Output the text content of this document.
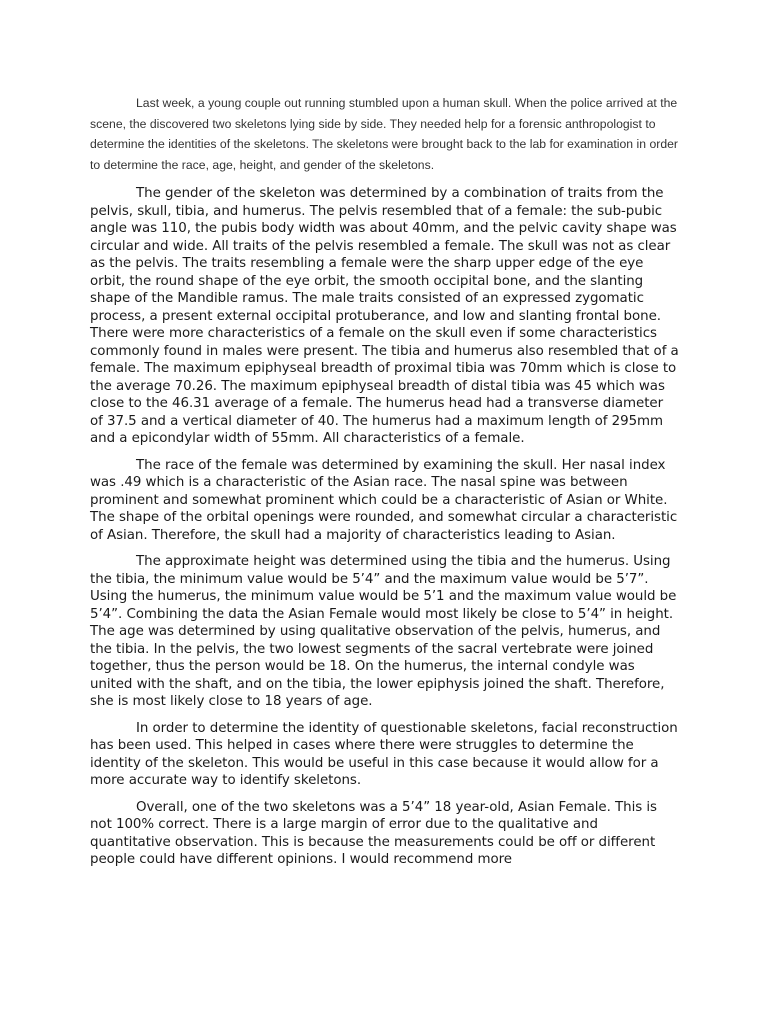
Last week, a young couple out running stumbled upon a human skull. When the police arrived at the scene, the discovered two skeletons lying side by side. They needed help for a forensic anthropologist to determine the identities of the skeletons. The skeletons were brought back to the lab for examination in order to determine the race, age, height, and gender of the skeletons.

The gender of the skeleton was determined by a combination of traits from the pelvis, skull, tibia, and humerus. The pelvis resembled that of a female: the sub-pubic angle was 110, the pubis body width was about 40mm, and the pelvic cavity shape was circular and wide. All traits of the pelvis resembled a female. The skull was not as clear as the pelvis. The traits resembling a female were the sharp upper edge of the eye orbit, the round shape of the eye orbit, the smooth occipital bone, and the slanting shape of the Mandible ramus. The male traits consisted of an expressed zygomatic process, a present external occipital protuberance, and low and slanting frontal bone. There were more characteristics of a female on the skull even if some characteristics commonly found in males were present. The tibia and humerus also resembled that of a female. The maximum epiphyseal breadth of proximal tibia was 70mm which is close to the average 70.26. The maximum epiphyseal breadth of distal tibia was 45 which was close to the 46.31 average of a female. The humerus head had a transverse diameter of 37.5 and a vertical diameter of 40. The humerus had a maximum length of 295mm and a epicondylar width of 55mm. All characteristics of a female.

The race of the female was determined by examining the skull. Her nasal index was .49 which is a characteristic of the Asian race. The nasal spine was between prominent and somewhat prominent which could be a characteristic of Asian or White. The shape of the orbital openings were rounded, and somewhat circular a characteristic of Asian. Therefore, the skull had a majority of characteristics leading to Asian.

The approximate height was determined using the tibia and the humerus. Using the tibia, the minimum value would be 5’4” and the maximum value would be 5’7”. Using the humerus, the minimum value would be 5’1 and the maximum value would be 5’4”. Combining the data the Asian Female would most likely be close to 5’4” in height. The age was determined by using qualitative observation of the pelvis, humerus, and the tibia. In the pelvis, the two lowest segments of the sacral vertebrate were joined together, thus the person would be 18. On the humerus, the internal condyle was united with the shaft, and on the tibia, the lower epiphysis joined the shaft. Therefore, she is most likely close to 18 years of age.

In order to determine the identity of questionable skeletons, facial reconstruction has been used. This helped in cases where there were struggles to determine the identity of the skeleton. This would be useful in this case because it would allow for a more accurate way to identify skeletons.

Overall, one of the two skeletons was a 5’4” 18 year-old, Asian Female. This is not 100% correct. There is a large margin of error due to the qualitative and quantitative observation. This is because the measurements could be off or different people could have different opinions. I would recommend more
